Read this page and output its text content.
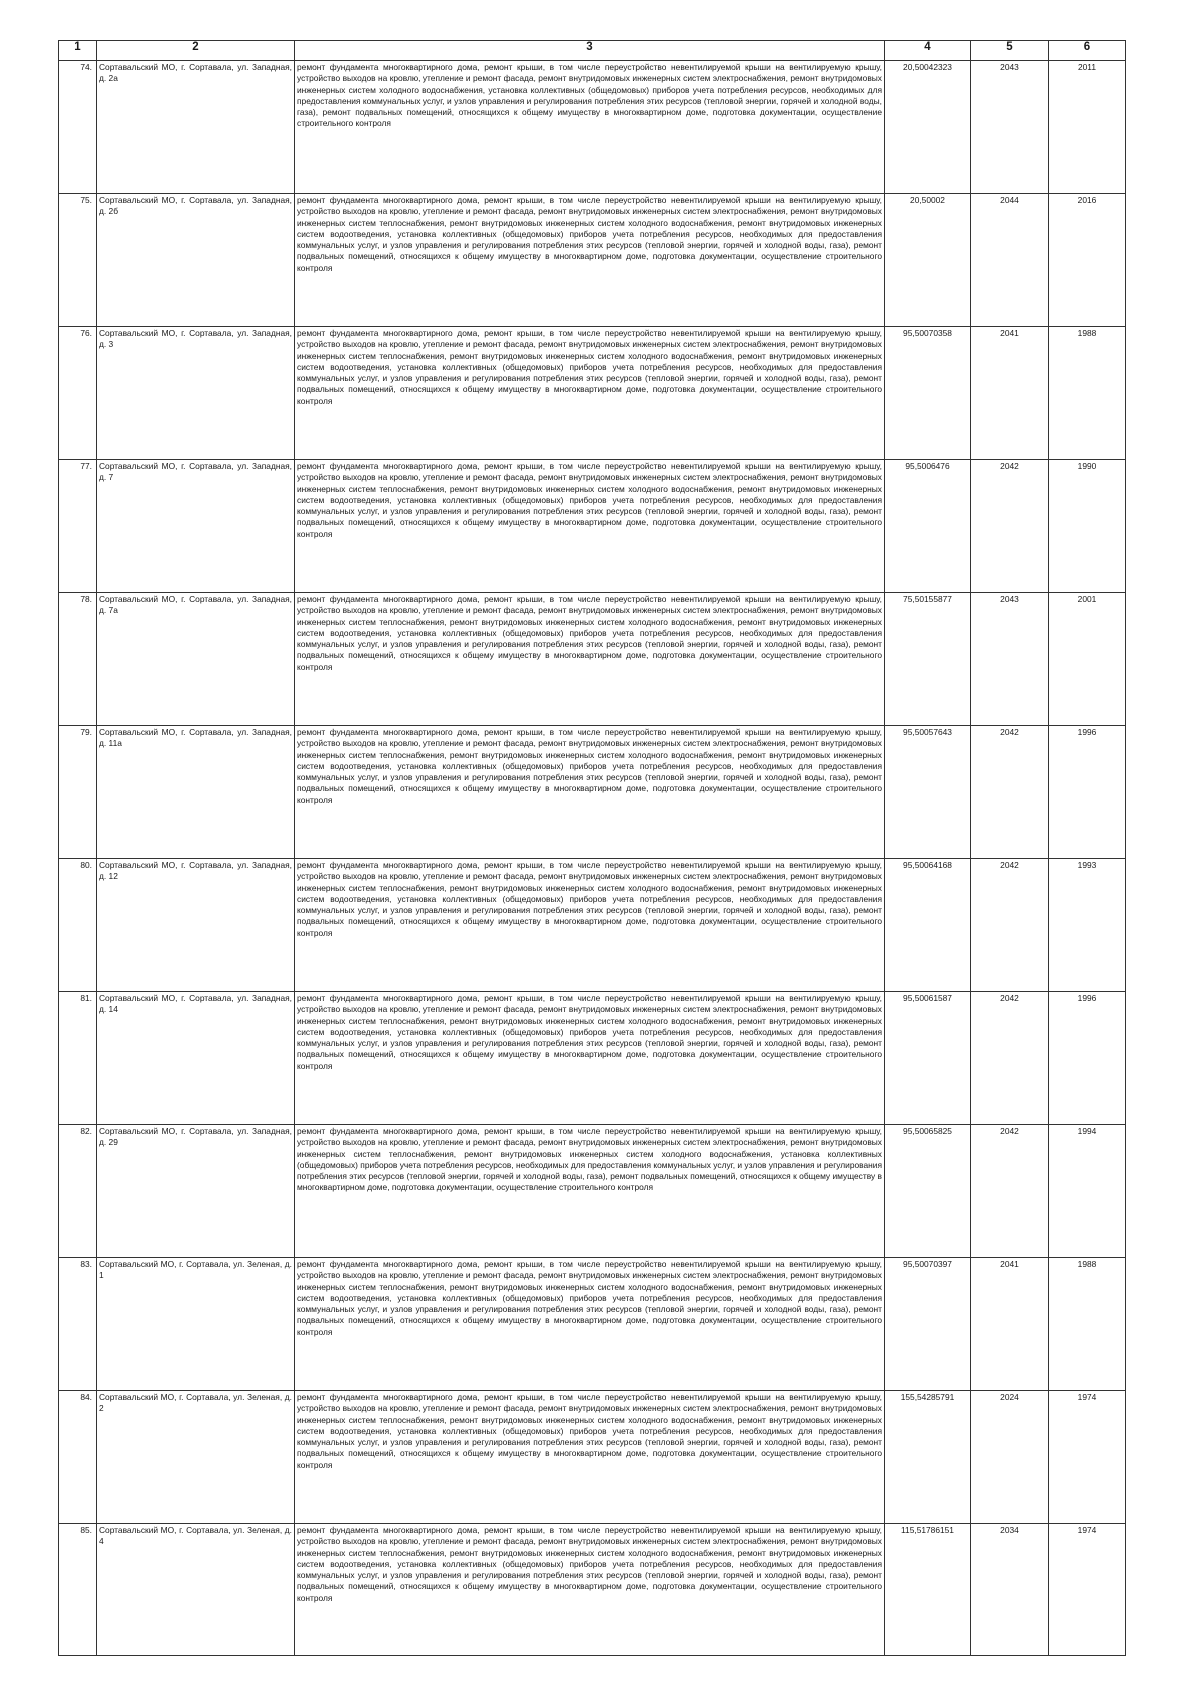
1	2	3	4	5	6
74.	Сортавальский МО, г. Сортавала, ул. Западная, д. 2а	ремонт фундамента многоквартирного дома, ремонт крыши, в том числе переустройство невентилируемой крыши на вентилируемую крышу, устройство выходов на кровлю, утепление и ремонт фасада, ремонт внутридомовых инженерных систем электроснабжения, ремонт внутридомовых инженерных систем холодного водоснабжения, установка коллективных (общедомовых) приборов учета потребления ресурсов, необходимых для предоставления коммунальных услуг, и узлов управления и регулирования потребления этих ресурсов (тепловой энергии, горячей и холодной воды, газа), ремонт подвальных помещений, относящихся к общему имуществу в многоквартирном доме, подготовка документации, осуществление строительного контроля	20,50042323	2043	2011
75.	Сортавальский МО, г. Сортавала, ул. Западная, д. 2б	ремонт фундамента многоквартирного дома, ремонт крыши, в том числе переустройство невентилируемой крыши на вентилируемую крышу, устройство выходов на кровлю, утепление и ремонт фасада, ремонт внутридомовых инженерных систем электроснабжения, ремонт внутридомовых инженерных систем теплоснабжения, ремонт внутридомовых инженерных систем холодного водоснабжения, ремонт внутридомовых инженерных систем водоотведения, установка коллективных (общедомовых) приборов учета потребления ресурсов, необходимых для предоставления коммунальных услуг, и узлов управления и регулирования потребления этих ресурсов (тепловой энергии, горячей и холодной воды, газа), ремонт подвальных помещений, относящихся к общему имуществу в многоквартирном доме, подготовка документации, осуществление строительного контроля	20,50002	2044	2016
76.	Сортавальский МО, г. Сортавала, ул. Западная, д. 3	ремонт фундамента многоквартирного дома, ремонт крыши, в том числе переустройство невентилируемой крыши на вентилируемую крышу, устройство выходов на кровлю, утепление и ремонт фасада, ремонт внутридомовых инженерных систем электроснабжения, ремонт внутридомовых инженерных систем теплоснабжения, ремонт внутридомовых инженерных систем холодного водоснабжения, ремонт внутридомовых инженерных систем водоотведения, установка коллективных (общедомовых) приборов учета потребления ресурсов, необходимых для предоставления коммунальных услуг, и узлов управления и регулирования потребления этих ресурсов (тепловой энергии, горячей и холодной воды, газа), ремонт подвальных помещений, относящихся к общему имуществу в многоквартирном доме, подготовка документации, осуществление строительного контроля	95,50070358	2041	1988
77.	Сортавальский МО, г. Сортавала, ул. Западная, д. 7	ремонт фундамента многоквартирного дома, ремонт крыши, в том числе переустройство невентилируемой крыши на вентилируемую крышу, устройство выходов на кровлю, утепление и ремонт фасада, ремонт внутридомовых инженерных систем электроснабжения, ремонт внутридомовых инженерных систем теплоснабжения, ремонт внутридомовых инженерных систем холодного водоснабжения, ремонт внутридомовых инженерных систем водоотведения, установка коллективных (общедомовых) приборов учета потребления ресурсов, необходимых для предоставления коммунальных услуг, и узлов управления и регулирования потребления этих ресурсов (тепловой энергии, горячей и холодной воды, газа), ремонт подвальных помещений, относящихся к общему имуществу в многоквартирном доме, подготовка документации, осуществление строительного контроля	95,5006476	2042	1990
78.	Сортавальский МО, г. Сортавала, ул. Западная, д. 7а	ремонт фундамента многоквартирного дома, ремонт крыши, в том числе переустройство невентилируемой крыши на вентилируемую крышу, устройство выходов на кровлю, утепление и ремонт фасада, ремонт внутридомовых инженерных систем электроснабжения, ремонт внутридомовых инженерных систем теплоснабжения, ремонт внутридомовых инженерных систем холодного водоснабжения, ремонт внутридомовых инженерных систем водоотведения, установка коллективных (общедомовых) приборов учета потребления ресурсов, необходимых для предоставления коммунальных услуг, и узлов управления и регулирования потребления этих ресурсов (тепловой энергии, горячей и холодной воды, газа), ремонт подвальных помещений, относящихся к общему имуществу в многоквартирном доме, подготовка документации, осуществление строительного контроля	75,50155877	2043	2001
79.	Сортавальский МО, г. Сортавала, ул. Западная, д. 11а	ремонт фундамента многоквартирного дома, ремонт крыши, в том числе переустройство невентилируемой крыши на вентилируемую крышу, устройство выходов на кровлю, утепление и ремонт фасада, ремонт внутридомовых инженерных систем электроснабжения, ремонт внутридомовых инженерных систем теплоснабжения, ремонт внутридомовых инженерных систем холодного водоснабжения, ремонт внутридомовых инженерных систем водоотведения, установка коллективных (общедомовых) приборов учета потребления ресурсов, необходимых для предоставления коммунальных услуг, и узлов управления и регулирования потребления этих ресурсов (тепловой энергии, горячей и холодной воды, газа), ремонт подвальных помещений, относящихся к общему имуществу в многоквартирном доме, подготовка документации, осуществление строительного контроля	95,50057643	2042	1996
80.	Сортавальский МО, г. Сортавала, ул. Западная, д. 12	ремонт фундамента многоквартирного дома, ремонт крыши, в том числе переустройство невентилируемой крыши на вентилируемую крышу, устройство выходов на кровлю, утепление и ремонт фасада, ремонт внутридомовых инженерных систем электроснабжения, ремонт внутридомовых инженерных систем теплоснабжения, ремонт внутридомовых инженерных систем холодного водоснабжения, ремонт внутридомовых инженерных систем водоотведения, установка коллективных (общедомовых) приборов учета потребления ресурсов, необходимых для предоставления коммунальных услуг, и узлов управления и регулирования потребления этих ресурсов (тепловой энергии, горячей и холодной воды, газа), ремонт подвальных помещений, относящихся к общему имуществу в многоквартирном доме, подготовка документации, осуществление строительного контроля	95,50064168	2042	1993
81.	Сортавальский МО, г. Сортавала, ул. Западная, д. 14	ремонт фундамента многоквартирного дома, ремонт крыши, в том числе переустройство невентилируемой крыши на вентилируемую крышу, устройство выходов на кровлю, утепление и ремонт фасада, ремонт внутридомовых инженерных систем электроснабжения, ремонт внутридомовых инженерных систем теплоснабжения, ремонт внутридомовых инженерных систем холодного водоснабжения, ремонт внутридомовых инженерных систем водоотведения, установка коллективных (общедомовых) приборов учета потребления ресурсов, необходимых для предоставления коммунальных услуг, и узлов управления и регулирования потребления этих ресурсов (тепловой энергии, горячей и холодной воды, газа), ремонт подвальных помещений, относящихся к общему имуществу в многоквартирном доме, подготовка документации, осуществление строительного контроля	95,50061587	2042	1996
82.	Сортавальский МО, г. Сортавала, ул. Западная, д. 29	ремонт фундамента многоквартирного дома, ремонт крыши, в том числе переустройство невентилируемой крыши на вентилируемую крышу, устройство выходов на кровлю, утепление и ремонт фасада, ремонт внутридомовых инженерных систем электроснабжения, ремонт внутридомовых инженерных систем теплоснабжения, ремонт внутридомовых инженерных систем холодного водоснабжения, установка коллективных (общедомовых) приборов учета потребления ресурсов, необходимых для предоставления коммунальных услуг, и узлов управления и регулирования потребления этих ресурсов (тепловой энергии, горячей и холодной воды, газа), ремонт подвальных помещений, относящихся к общему имуществу в многоквартирном доме, подготовка документации, осуществление строительного контроля	95,50065825	2042	1994
83.	Сортавальский МО, г. Сортавала, ул. Зеленая, д. 1	ремонт фундамента многоквартирного дома, ремонт крыши, в том числе переустройство невентилируемой крыши на вентилируемую крышу, устройство выходов на кровлю, утепление и ремонт фасада, ремонт внутридомовых инженерных систем электроснабжения, ремонт внутридомовых инженерных систем теплоснабжения, ремонт внутридомовых инженерных систем холодного водоснабжения, ремонт внутридомовых инженерных систем водоотведения, установка коллективных (общедомовых) приборов учета потребления ресурсов, необходимых для предоставления коммунальных услуг, и узлов управления и регулирования потребления этих ресурсов (тепловой энергии, горячей и холодной воды, газа), ремонт подвальных помещений, относящихся к общему имуществу в многоквартирном доме, подготовка документации, осуществление строительного контроля	95,50070397	2041	1988
84.	Сортавальский МО, г. Сортавала, ул. Зеленая, д. 2	ремонт фундамента многоквартирного дома, ремонт крыши, в том числе переустройство невентилируемой крыши на вентилируемую крышу, устройство выходов на кровлю, утепление и ремонт фасада, ремонт внутридомовых инженерных систем электроснабжения, ремонт внутридомовых инженерных систем теплоснабжения, ремонт внутридомовых инженерных систем холодного водоснабжения, ремонт внутридомовых инженерных систем водоотведения, установка коллективных (общедомовых) приборов учета потребления ресурсов, необходимых для предоставления коммунальных услуг, и узлов управления и регулирования потребления этих ресурсов (тепловой энергии, горячей и холодной воды, газа), ремонт подвальных помещений, относящихся к общему имуществу в многоквартирном доме, подготовка документации, осуществление строительного контроля	155,54285791	2024	1974
85.	Сортавальский МО, г. Сортавала, ул. Зеленая, д. 4	ремонт фундамента многоквартирного дома, ремонт крыши, в том числе переустройство невентилируемой крыши на вентилируемую крышу, устройство выходов на кровлю, утепление и ремонт фасада, ремонт внутридомовых инженерных систем электроснабжения, ремонт внутридомовых инженерных систем теплоснабжения, ремонт внутридомовых инженерных систем холодного водоснабжения, ремонт внутридомовых инженерных систем водоотведения, установка коллективных (общедомовых) приборов учета потребления ресурсов, необходимых для предоставления коммунальных услуг, и узлов управления и регулирования потребления этих ресурсов (тепловой энергии, горячей и холодной воды, газа), ремонт подвальных помещений, относящихся к общему имуществу в многоквартирном доме, подготовка документации, осуществление строительного контроля	115,51786151	2034	1974
